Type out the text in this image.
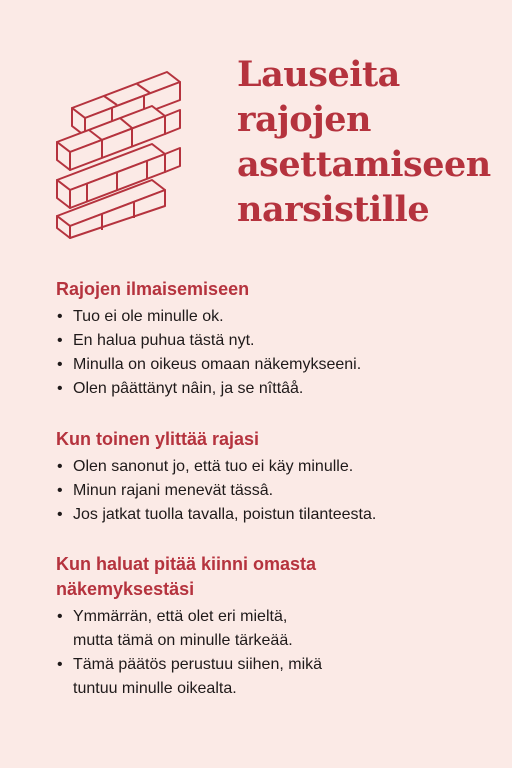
Lauseita
rajojen
asettamiseen
narsistille
Rajojen ilmaisemiseen
• Tuo ei ole minulle ok.
• En halua puhua tästä nyt.
• Minulla on oikeus omaan näkemykseeni.
• Olen pâättänyt nâin, ja se nîttâå.
Kun toinen ylittää rajasi
• Olen sanonut jo, että tuo ei käy minulle.
• Minun rajani menevät tässâ.
• Jos jatkat tuolla tavalla, poistun tilanteesta.
Kun haluat pitää kiinni omasta
näkemyksestäsi
• Ymmärrän, että olet eri mieltä,
mutta tämä on minulle tärkeää.
• Tämä päätös perustuu siihen, mikä
tuntuu minulle oikealta.
